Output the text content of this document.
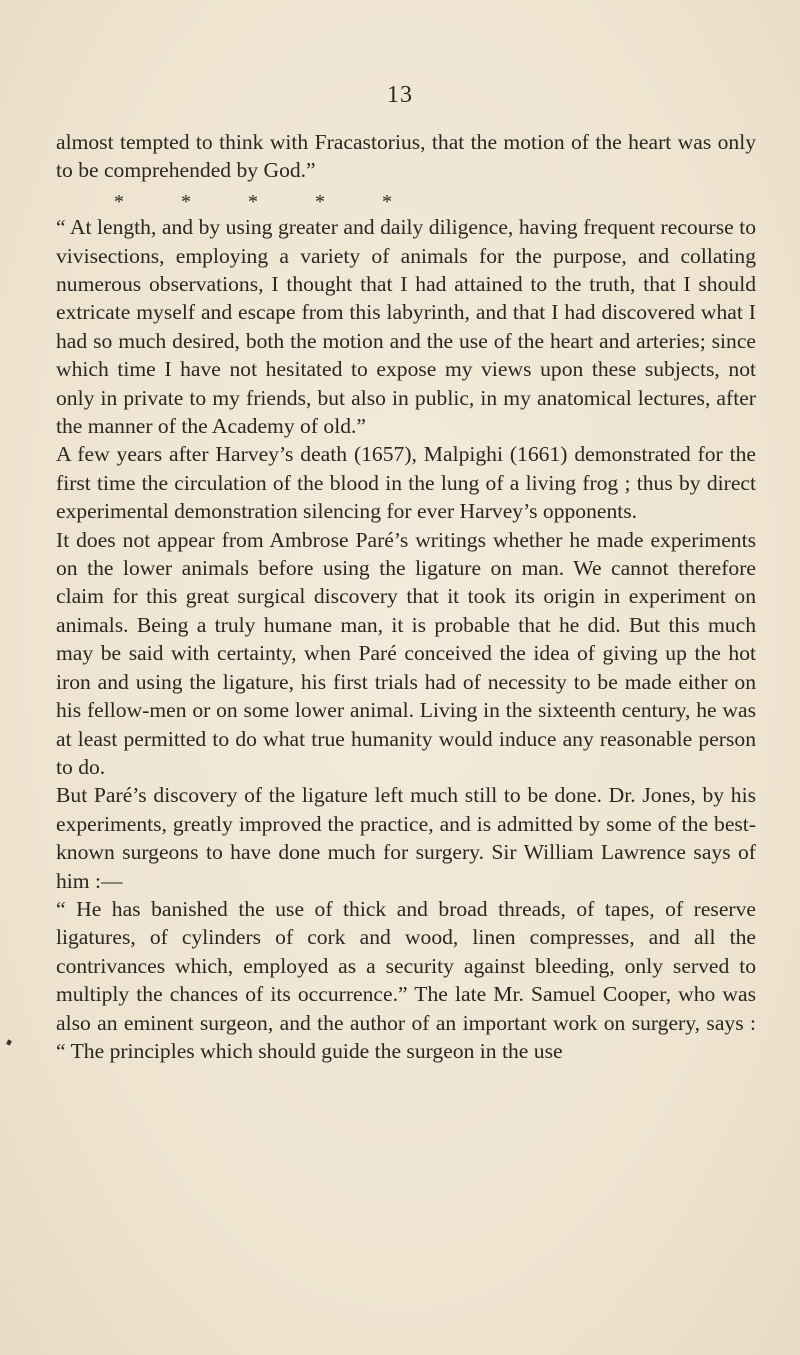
13

almost tempted to think with Fracastorius, that the motion of the heart was only to be comprehended by God.”

* * * * *

“ At length, and by using greater and daily diligence, having frequent recourse to vivisections, employing a variety of animals for the purpose, and collating numerous observations, I thought that I had attained to the truth, that I should extricate myself and escape from this labyrinth, and that I had discovered what I had so much desired, both the motion and the use of the heart and arteries; since which time I have not hesitated to expose my views upon these subjects, not only in private to my friends, but also in public, in my anatomical lectures, after the manner of the Academy of old.”

A few years after Harvey’s death (1657), Malpighi (1661) demonstrated for the first time the circulation of the blood in the lung of a living frog ; thus by direct experimental demonstration silencing for ever Harvey’s opponents.

It does not appear from Ambrose Paré’s writings whether he made experiments on the lower animals before using the ligature on man. We cannot therefore claim for this great surgical discovery that it took its origin in experiment on animals. Being a truly humane man, it is probable that he did. But this much may be said with certainty, when Paré conceived the idea of giving up the hot iron and using the ligature, his first trials had of necessity to be made either on his fellow-men or on some lower animal. Living in the sixteenth century, he was at least permitted to do what true humanity would induce any reasonable person to do.

But Paré’s discovery of the ligature left much still to be done. Dr. Jones, by his experiments, greatly improved the practice, and is admitted by some of the best-known surgeons to have done much for surgery. Sir William Lawrence says of him :—

“ He has banished the use of thick and broad threads, of tapes, of reserve ligatures, of cylinders of cork and wood, linen compresses, and all the contrivances which, employed as a security against bleeding, only served to multiply the chances of its occurrence.” The late Mr. Samuel Cooper, who was also an eminent surgeon, and the author of an important work on surgery, says : “ The principles which should guide the surgeon in the use
